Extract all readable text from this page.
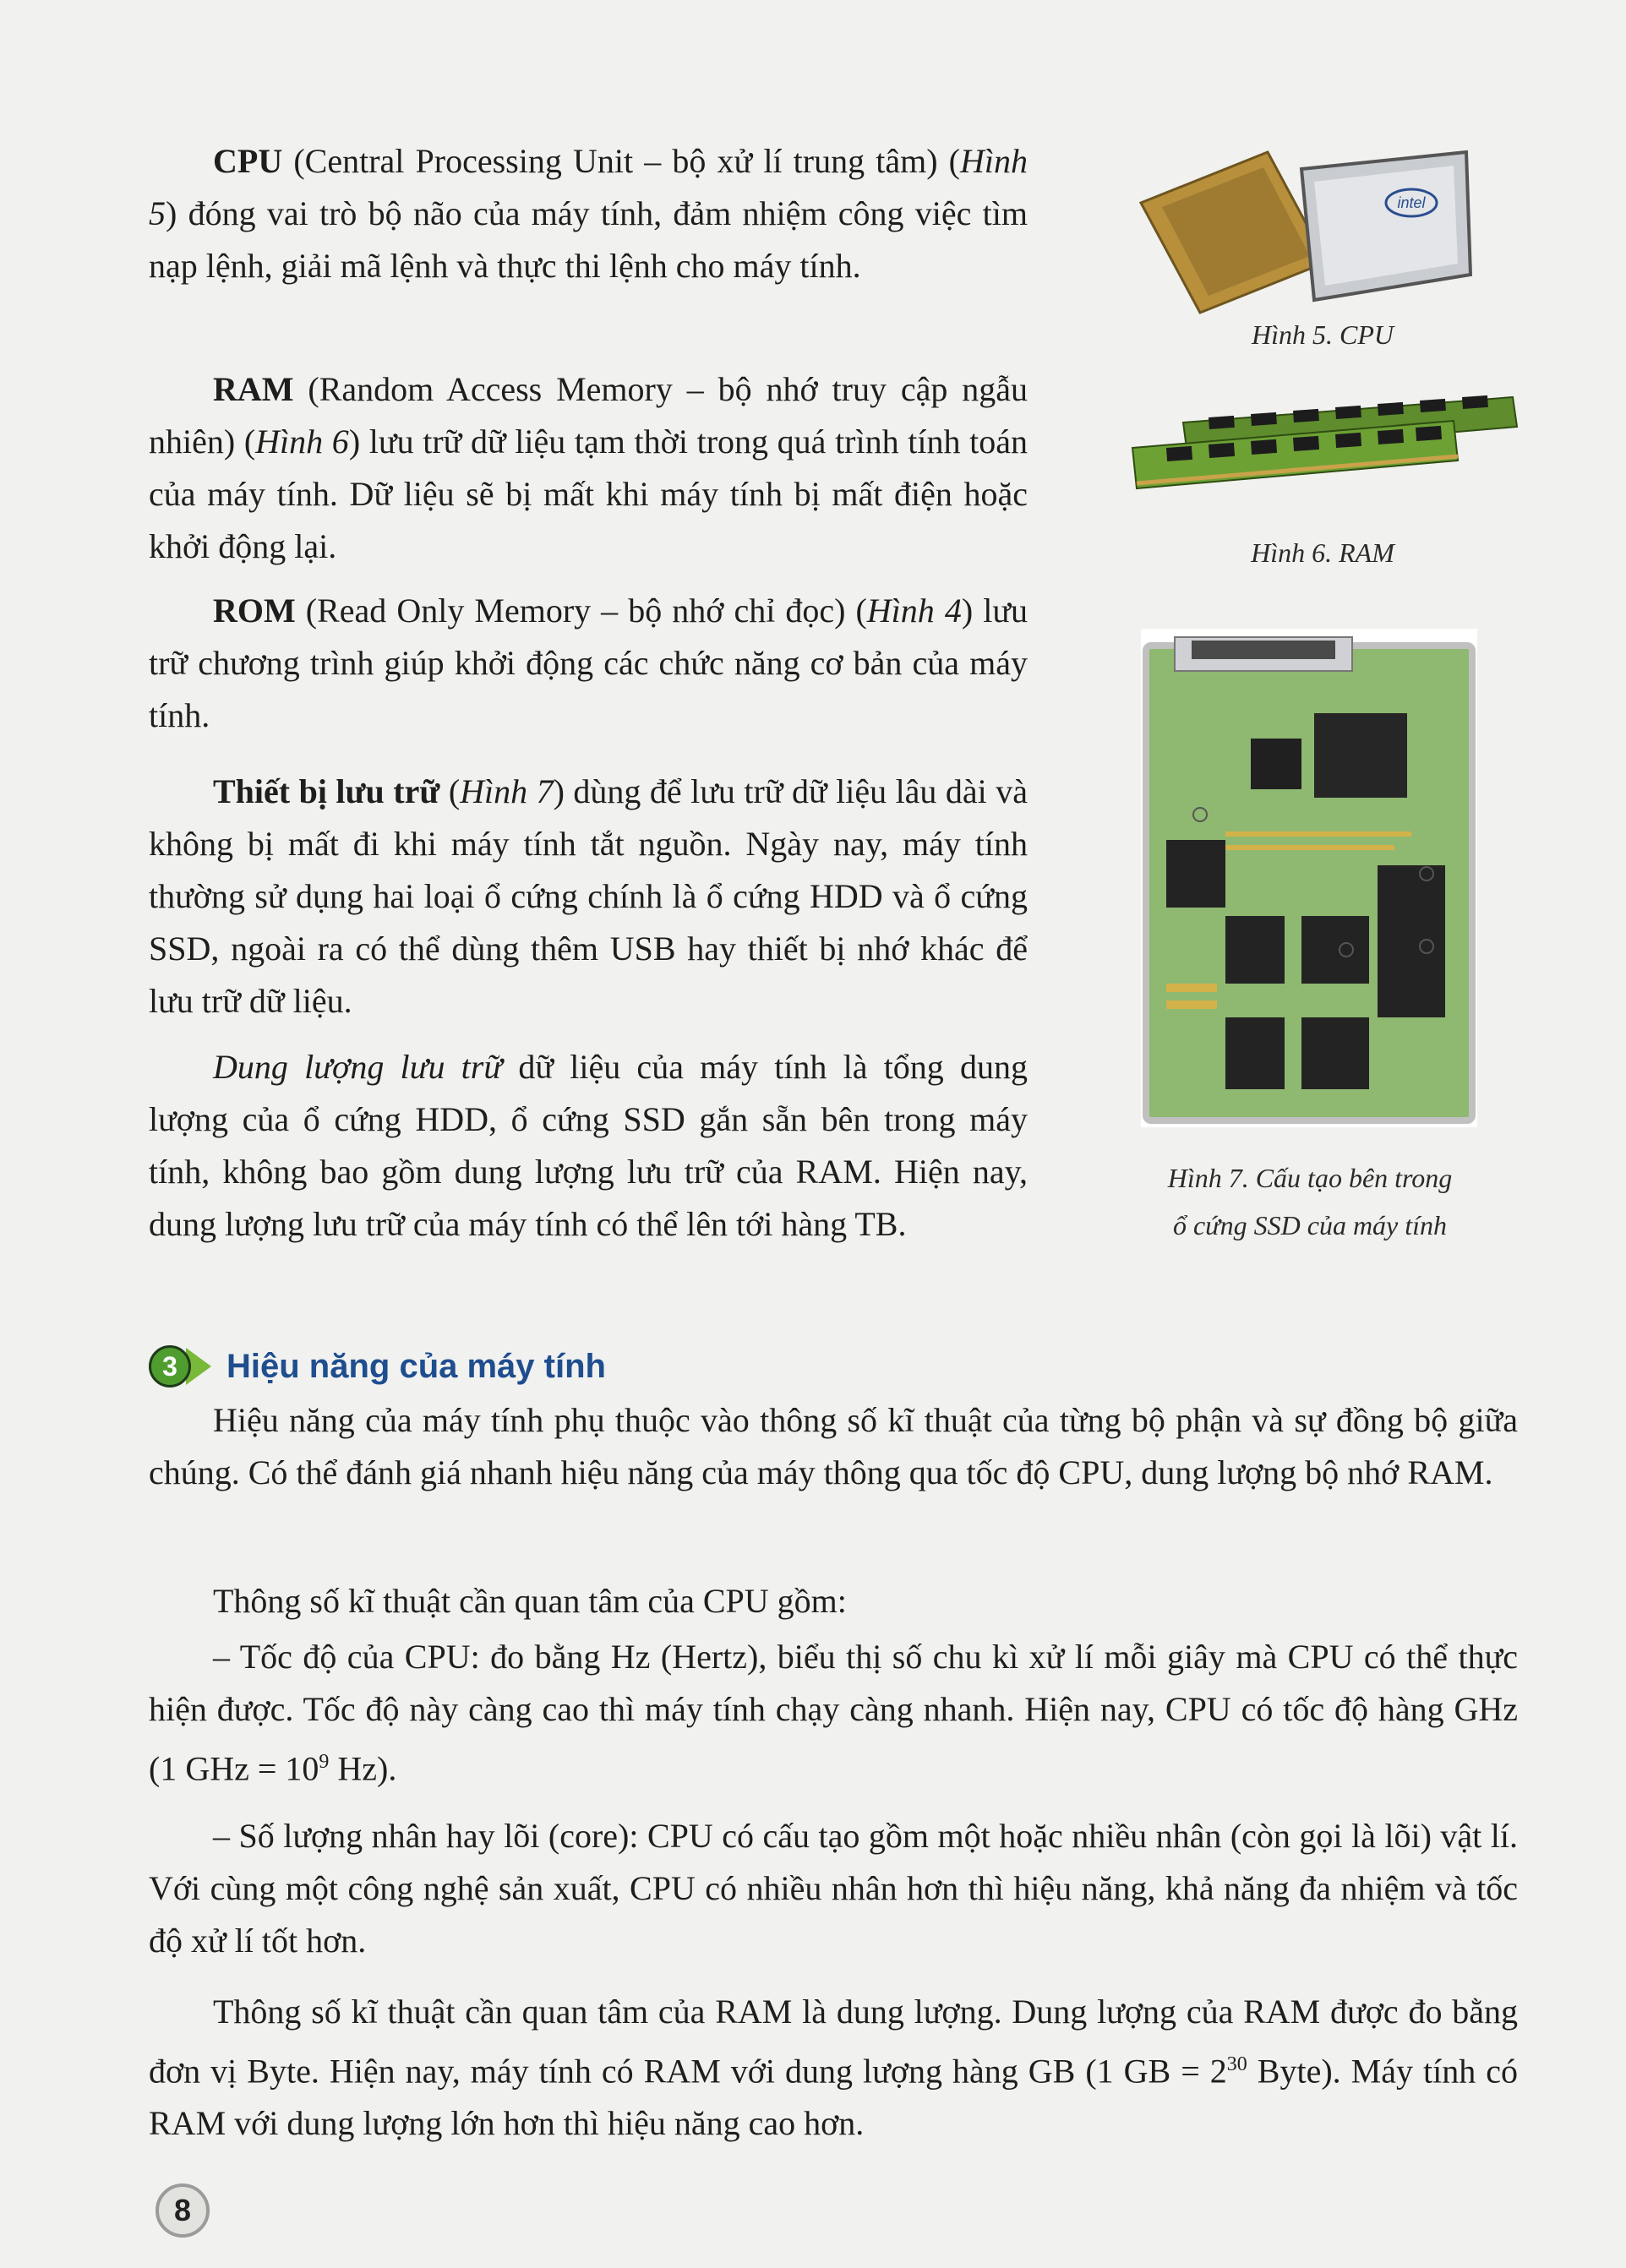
CPU (Central Processing Unit – bộ xử lí trung tâm) (Hình 5) đóng vai trò bộ não của máy tính, đảm nhiệm công việc tìm nạp lệnh, giải mã lệnh và thực thi lệnh cho máy tính.

RAM (Random Access Memory – bộ nhớ truy cập ngẫu nhiên) (Hình 6) lưu trữ dữ liệu tạm thời trong quá trình tính toán của máy tính. Dữ liệu sẽ bị mất khi máy tính bị mất điện hoặc khởi động lại.

ROM (Read Only Memory – bộ nhớ chỉ đọc) (Hình 4) lưu trữ chương trình giúp khởi động các chức năng cơ bản của máy tính.

Thiết bị lưu trữ (Hình 7) dùng để lưu trữ dữ liệu lâu dài và không bị mất đi khi máy tính tắt nguồn. Ngày nay, máy tính thường sử dụng hai loại ổ cứng chính là ổ cứng HDD và ổ cứng SSD, ngoài ra có thể dùng thêm USB hay thiết bị nhớ khác để lưu trữ dữ liệu.

Dung lượng lưu trữ dữ liệu của máy tính là tổng dung lượng của ổ cứng HDD, ổ cứng SSD gắn sẵn bên trong máy tính, không bao gồm dung lượng lưu trữ của RAM. Hiện nay, dung lượng lưu trữ của máy tính có thể lên tới hàng TB.

intel
Hình 5. CPU
Hình 6. RAM
Hình 7. Cấu tạo bên trong
ổ cứng SSD của máy tính
3	Hiệu năng của máy tính

Hiệu năng của máy tính phụ thuộc vào thông số kĩ thuật của từng bộ phận và sự đồng bộ giữa chúng. Có thể đánh giá nhanh hiệu năng của máy thông qua tốc độ CPU, dung lượng bộ nhớ RAM.

Thông số kĩ thuật cần quan tâm của CPU gồm:

– Tốc độ của CPU: đo bằng Hz (Hertz), biểu thị số chu kì xử lí mỗi giây mà CPU có thể thực hiện được. Tốc độ này càng cao thì máy tính chạy càng nhanh. Hiện nay, CPU có tốc độ hàng GHz (1 GHz = $10^9$ Hz).

– Số lượng nhân hay lõi (core): CPU có cấu tạo gồm một hoặc nhiều nhân (còn gọi là lõi) vật lí. Với cùng một công nghệ sản xuất, CPU có nhiều nhân hơn thì hiệu năng, khả năng đa nhiệm và tốc độ xử lí tốt hơn.

Thông số kĩ thuật cần quan tâm của RAM là dung lượng. Dung lượng của RAM được đo bằng đơn vị Byte. Hiện nay, máy tính có RAM với dung lượng hàng GB (1 GB = $2^{30}$ Byte). Máy tính có RAM với dung lượng lớn hơn thì hiệu năng cao hơn.

8
